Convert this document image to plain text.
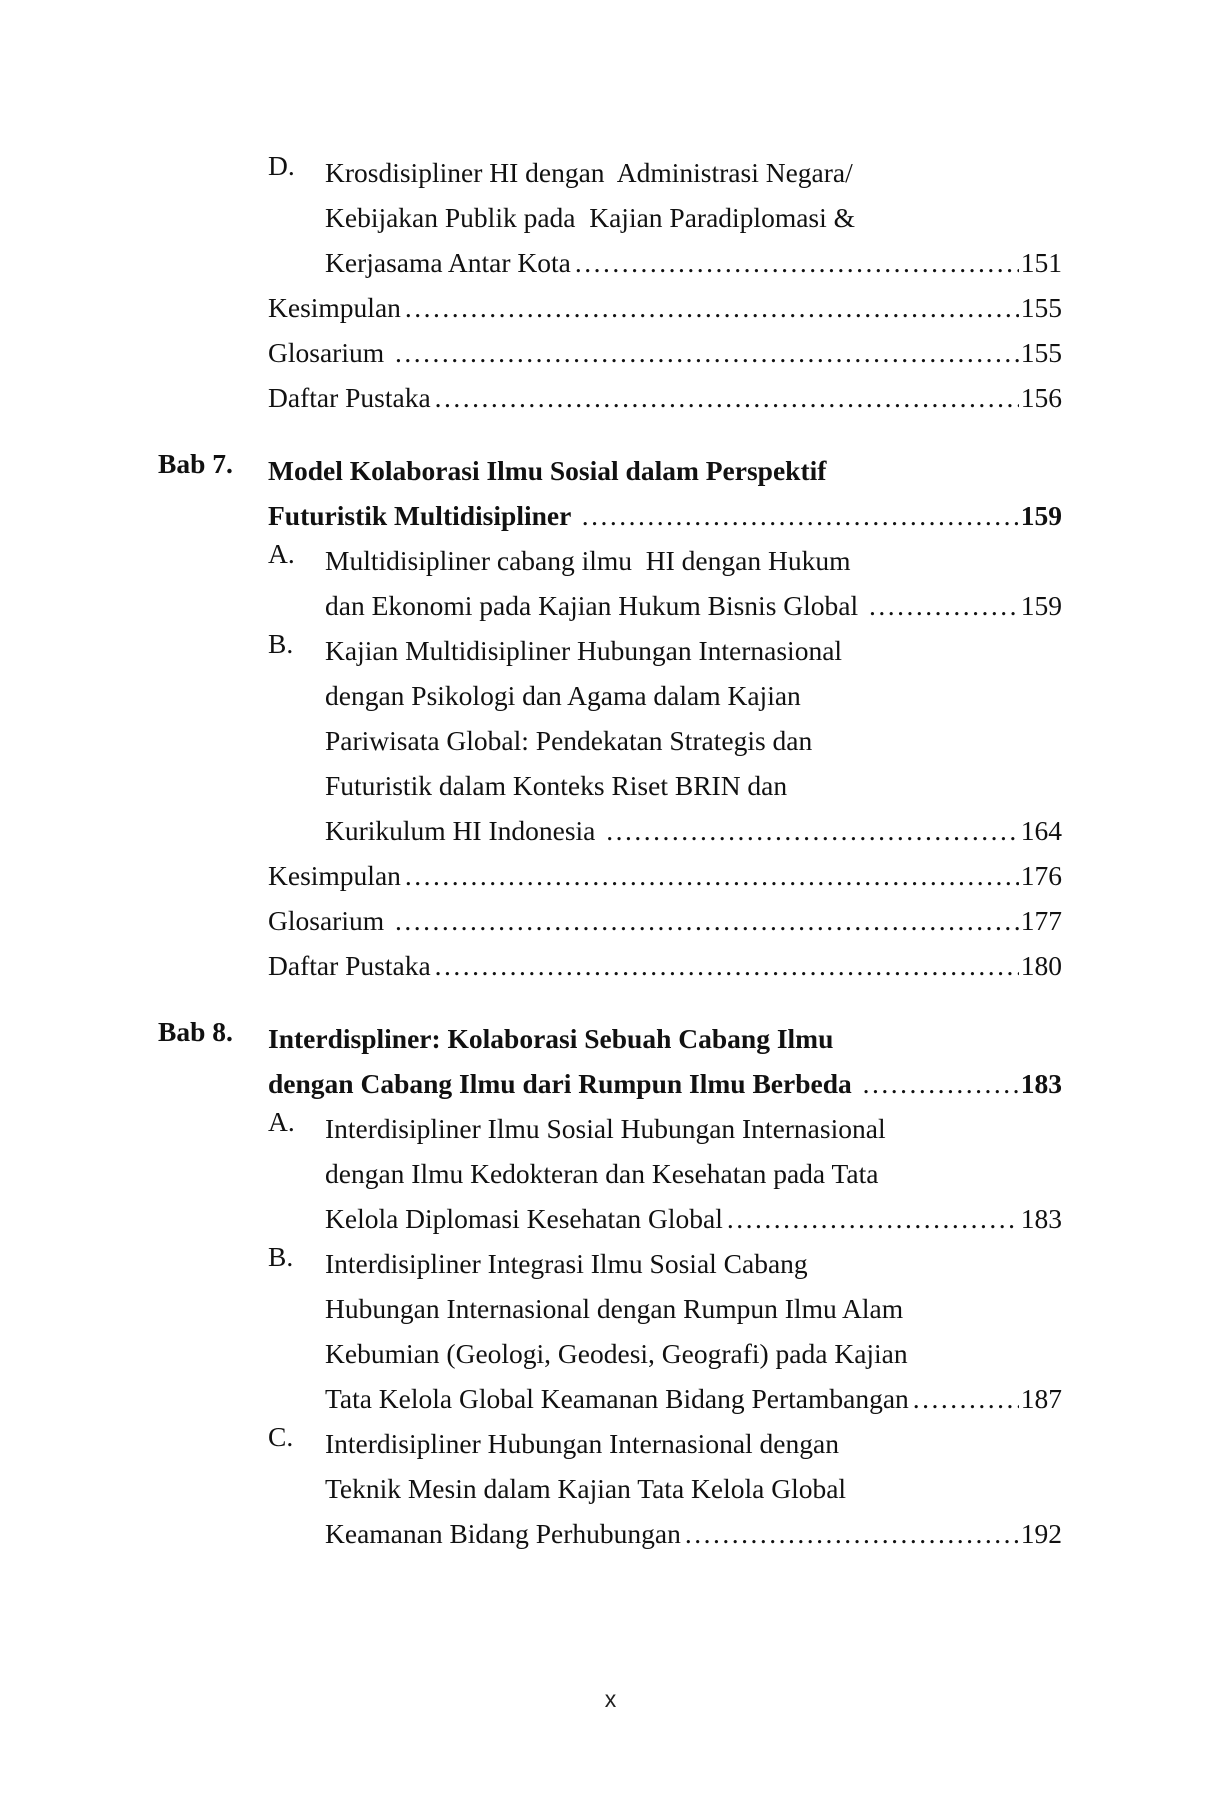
D.	Krosdisipliner HI dengan  Administrasi Negara/
Kebijakan Publik pada  Kajian Paradiplomasi &
Kerjasama Antar Kota .....	151
Kesimpulan .....	155
Glosarium .....	155
Daftar Pustaka .....	156
Bab 7.	Model Kolaborasi Ilmu Sosial dalam Perspektif
Futuristik Multidisipliner .....	159
A.	Multidisipliner cabang ilmu  HI dengan Hukum
dan Ekonomi pada Kajian Hukum Bisnis Global .....	159
B.	Kajian Multidisipliner Hubungan Internasional
dengan Psikologi dan Agama dalam Kajian
Pariwisata Global: Pendekatan Strategis dan
Futuristik dalam Konteks Riset BRIN dan
Kurikulum HI Indonesia .....	164
Kesimpulan .....	176
Glosarium .....	177
Daftar Pustaka .....	180
Bab 8.	Interdispliner: Kolaborasi Sebuah Cabang Ilmu
dengan Cabang Ilmu dari Rumpun Ilmu Berbeda .....	183
A.	Interdisipliner Ilmu Sosial Hubungan Internasional
dengan Ilmu Kedokteran dan Kesehatan pada Tata
Kelola Diplomasi Kesehatan Global .....	183
B.	Interdisipliner Integrasi Ilmu Sosial Cabang
Hubungan Internasional dengan Rumpun Ilmu Alam
Kebumian (Geologi, Geodesi, Geografi) pada Kajian
Tata Kelola Global Keamanan Bidang Pertambangan .....	187
C.	Interdisipliner Hubungan Internasional dengan
Teknik Mesin dalam Kajian Tata Kelola Global
Keamanan Bidang Perhubungan .....	192
x
